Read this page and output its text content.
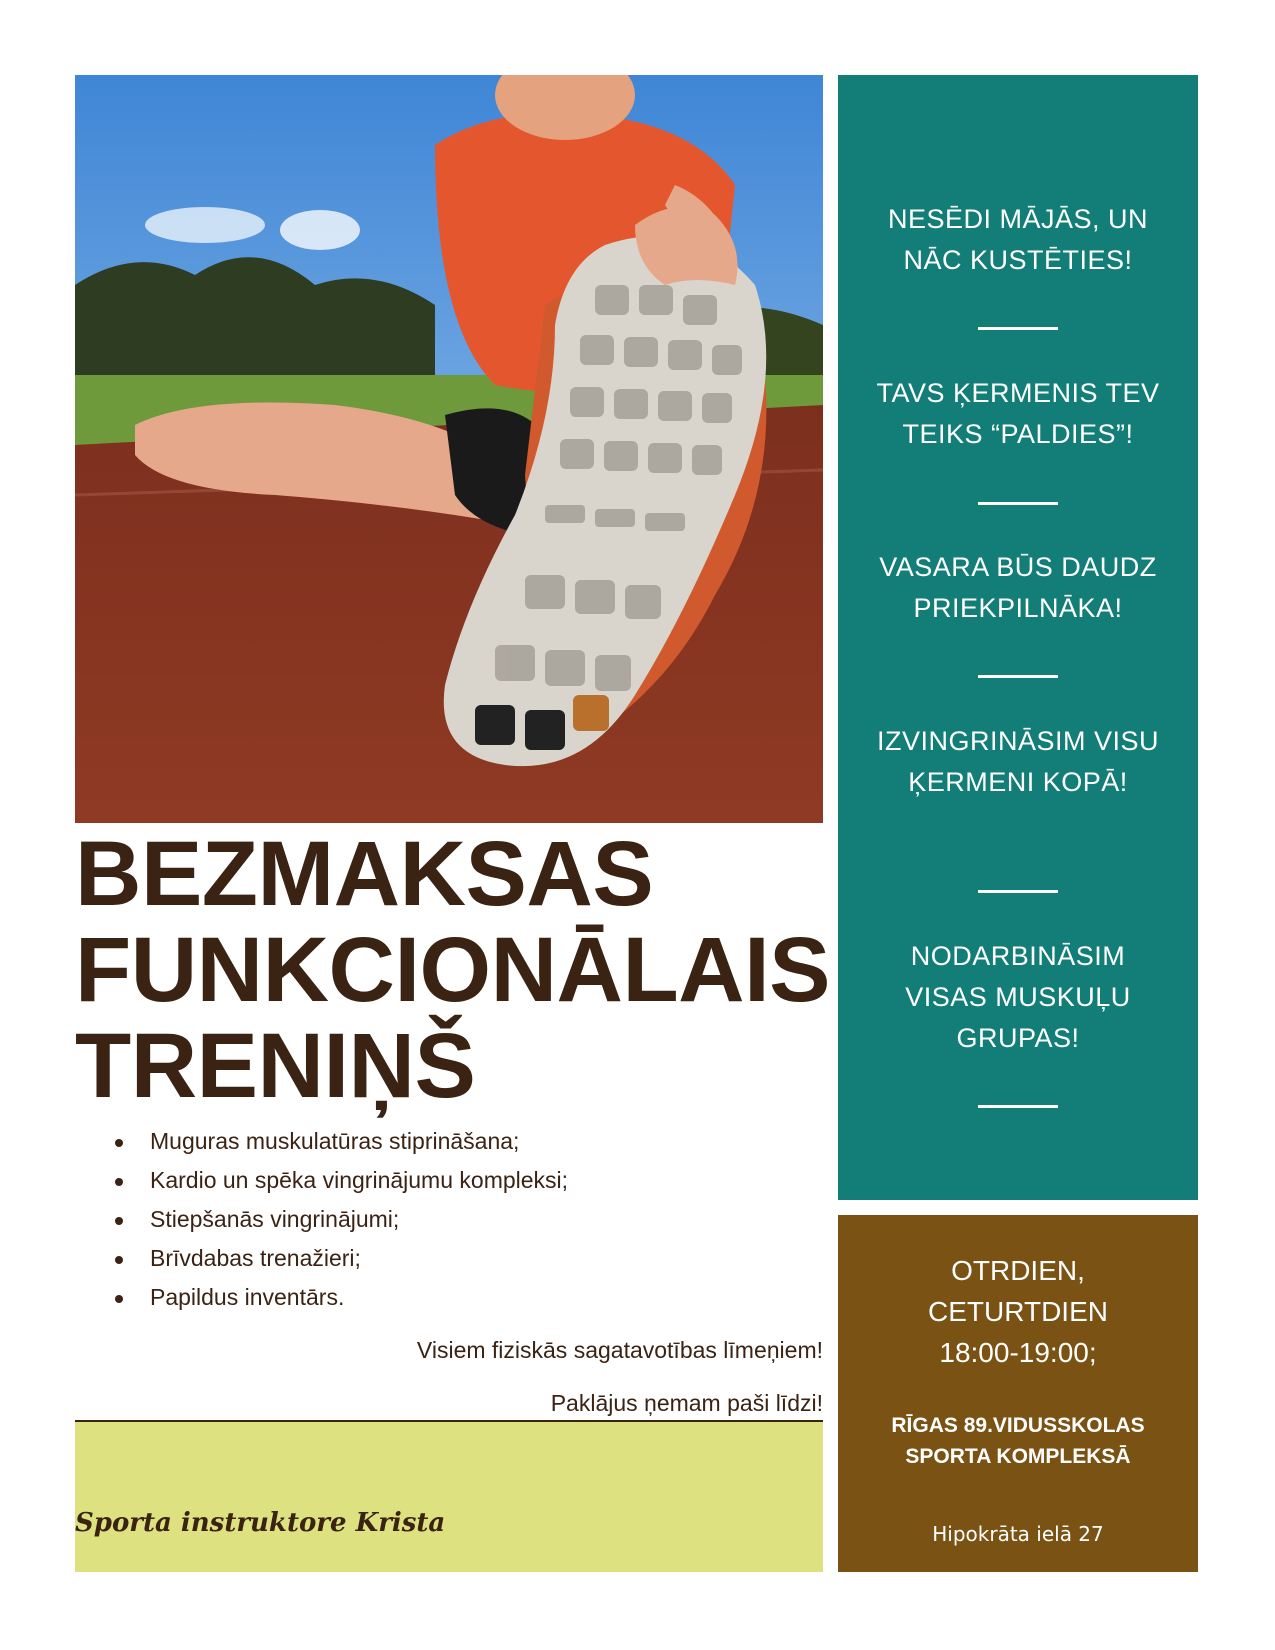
BEZMAKSAS
FUNKCIONĀLAIS
TRENIŅŠ
Muguras muskulatūras stiprināšana;
Kardio un spēka vingrinājumu kompleksi;
Stiepšanās vingrinājumi;
Brīvdabas trenažieri;
Papildus inventārs.
Visiem fiziskās sagatavotības līmeņiem!
Paklājus ņemam paši līdzi!
Sporta instruktore Krista
NESĒDI MĀJĀS, UN
NĀC KUSTĒTIES!
TAVS ĶERMENIS TEV
TEIKS “PALDIES”!
VASARA BŪS DAUDZ
PRIEKPILNĀKA!
IZVINGRINĀSIM VISU
ĶERMENI KOPĀ!
NODARBINĀSIM
VISAS MUSKUĻU
GRUPAS!
OTRDIEN,
CETURTDIEN
18:00-19:00;
RĪGAS 89.VIDUSSKOLAS
SPORTA KOMPLEKSĀ
Hipokrāta ielā 27
